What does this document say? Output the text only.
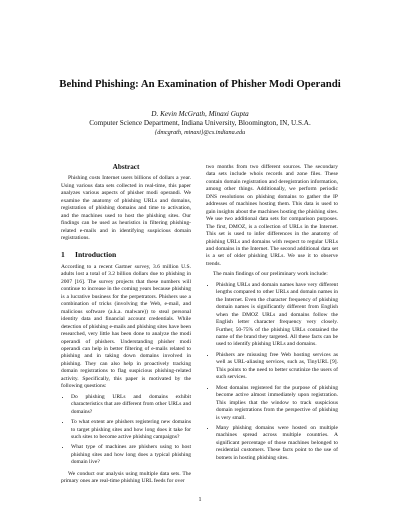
Behind Phishing: An Examination of Phisher Modi Operandi
D. Kevin McGrath, Minaxi Gupta
Computer Science Department, Indiana University, Bloomington, IN, U.S.A.
{dmcgrath, minaxi}@cs.indiana.edu
Abstract

Phishing costs Internet users billions of dollars a year. Using various data sets collected in real-time, this paper analyzes various aspects of phisher modi operandi. We examine the anatomy of phishing URLs and domains, registration of phishing domains and time to activation, and the machines used to host the phishing sites. Our findings can be used as heuristics in filtering phishing-related e-mails and in identifying suspicious domain registrations.

1 Introduction

According to a recent Gartner survey, 3.6 million U.S. adults lost a total of 3.2 billion dollars due to phishing in 2007 [16]. The survey projects that these numbers will continue to increase in the coming years because phishing is a lucrative business for the perpetrators. Phishers use a combination of tricks (involving the Web, e-mail, and malicious software (a.k.a. malware)) to steal personal identity data and financial account credentials. While detection of phishing e-mails and phishing sites have been researched, very little has been done to analyze the modi operandi of phishers. Understanding phisher modi operandi can help in better filtering of e-mails related to phishing and in taking down domains involved in phishing. They can also help in proactively tracking domain registrations to flag suspicious phishing-related activity. Specifically, this paper is motivated by the following questions:

• Do phishing URLs and domains exhibit characteristics that are different from other URLs and domains?
• To what extent are phishers registering new domains to target phishing sites and how long does it take for such sites to become active phishing campaigns?
• What type of machines are phishers using to host phishing sites and how long does a typical phishing domain live?

We conduct our analysis using multiple data sets. The primary ones are real-time phishing URL feeds for over

two months from two different sources. The secondary data sets include whois records and zone files. These contain domain registration and deregistration information, among other things. Additionally, we perform periodic DNS resolutions on phishing domains to gather the IP addresses of machines hosting them. This data is used to gain insights about the machines hosting the phishing sites. We use two additional data sets for comparison purposes. The first, DMOZ, is a collection of URLs in the Internet. This set is used to infer differences in the anatomy of phishing URLs and domains with respect to regular URLs and domains in the Internet. The second additional data set is a set of older phishing URLs. We use it to observe trends.

The main findings of our preliminary work include:

• Phishing URLs and domain names have very different lengths compared to other URLs and domain names in the Internet. Even the character frequency of phishing domain names is significantly different from English when the DMOZ URLs and domains follow the English letter character frequency very closely. Further, 50-75% of the phishing URLs contained the name of the brand they targeted. All these facts can be used to identify phishing URLs and domains.
• Phishers are misusing free Web hosting services as well as URL-aliasing services, such as, TinyURL [9]. This points to the need to better scrutinize the users of such services.
• Most domains registered for the purpose of phishing become active almost immediately upon registration. This implies that the window to track suspicious domain registrations from the perspective of phishing is very small.
• Many phishing domains were hosted on multiple machines spread across multiple countries. A significant percentage of those machines belonged to residential customers. These facts point to the use of botnets in hosting phishing sites.
1
